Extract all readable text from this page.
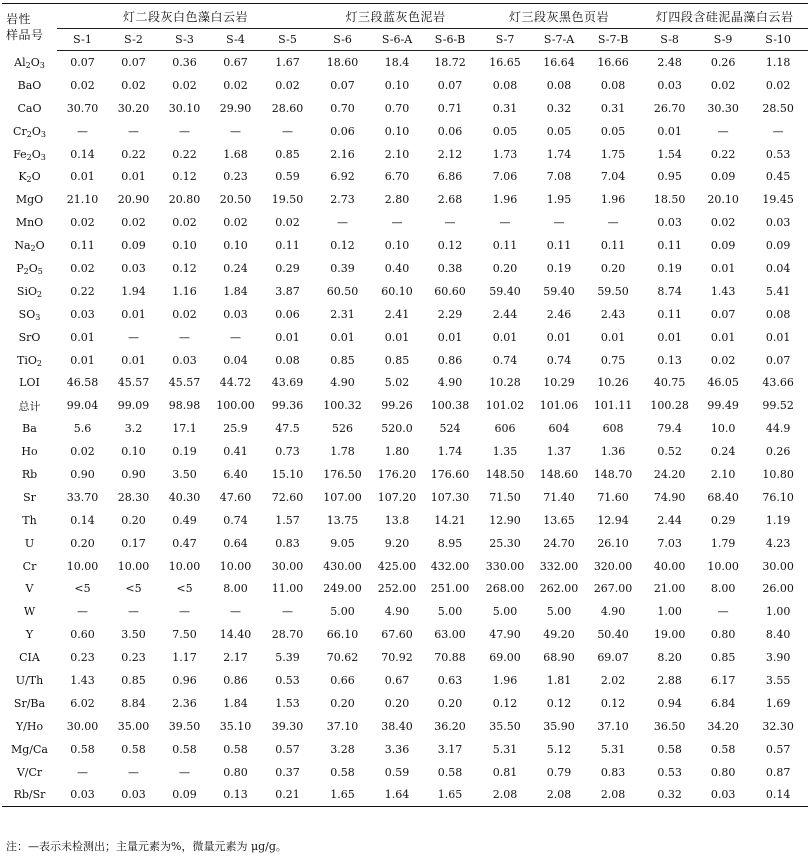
岩性
样品号	灯二段灰白色藻白云岩					灯三段蓝灰色泥岩			灯三段灰黑色页岩			灯四段含硅泥晶藻白云岩		
	S-1	S-2	S-3	S-4	S-5	S-6	S-6-A	S-6-B	S-7	S-7-A	S-7-B	S-8	S-9	S-10
$Al_2O_3$	0.07	0.07	0.36	0.67	1.67	18.60	18.4	18.72	16.65	16.64	16.66	2.48	0.26	1.18
BaO	0.02	0.02	0.02	0.02	0.02	0.07	0.10	0.07	0.08	0.08	0.08	0.03	0.02	0.02
CaO	30.70	30.20	30.10	29.90	28.60	0.70	0.70	0.71	0.31	0.32	0.31	26.70	30.30	28.50
$Cr_2O_3$	—	—	—	—	—	0.06	0.10	0.06	0.05	0.05	0.05	0.01	—	—
$Fe_2O_3$	0.14	0.22	0.22	1.68	0.85	2.16	2.10	2.12	1.73	1.74	1.75	1.54	0.22	0.53
$K_2O$	0.01	0.01	0.12	0.23	0.59	6.92	6.70	6.86	7.06	7.08	7.04	0.95	0.09	0.45
MgO	21.10	20.90	20.80	20.50	19.50	2.73	2.80	2.68	1.96	1.95	1.96	18.50	20.10	19.45
MnO	0.02	0.02	0.02	0.02	0.02	—	—	—	—	—	—	0.03	0.02	0.03
$Na_2O$	0.11	0.09	0.10	0.10	0.11	0.12	0.10	0.12	0.11	0.11	0.11	0.11	0.09	0.09
$P_2O_5$	0.02	0.03	0.12	0.24	0.29	0.39	0.40	0.38	0.20	0.19	0.20	0.19	0.01	0.04
SiO$_2$	0.22	1.94	1.16	1.84	3.87	60.50	60.10	60.60	59.40	59.40	59.50	8.74	1.43	5.41
$SO_3$	0.03	0.01	0.02	0.03	0.06	2.31	2.41	2.29	2.44	2.46	2.43	0.11	0.07	0.08
SrO	0.01	—	—	—	0.01	0.01	0.01	0.01	0.01	0.01	0.01	0.01	0.01	0.01
TiO$_2$	0.01	0.01	0.03	0.04	0.08	0.85	0.85	0.86	0.74	0.74	0.75	0.13	0.02	0.07
LOI	46.58	45.57	45.57	44.72	43.69	4.90	5.02	4.90	10.28	10.29	10.26	40.75	46.05	43.66
总计	99.04	99.09	98.98	100.00	99.36	100.32	99.26	100.38	101.02	101.06	101.11	100.28	99.49	99.52
Ba	5.6	3.2	17.1	25.9	47.5	526	520.0	524	606	604	608	79.4	10.0	44.9
Ho	0.02	0.10	0.19	0.41	0.73	1.78	1.80	1.74	1.35	1.37	1.36	0.52	0.24	0.26
Rb	0.90	0.90	3.50	6.40	15.10	176.50	176.20	176.60	148.50	148.60	148.70	24.20	2.10	10.80
Sr	33.70	28.30	40.30	47.60	72.60	107.00	107.20	107.30	71.50	71.40	71.60	74.90	68.40	76.10
Th	0.14	0.20	0.49	0.74	1.57	13.75	13.8	14.21	12.90	13.65	12.94	2.44	0.29	1.19
U	0.20	0.17	0.47	0.64	0.83	9.05	9.20	8.95	25.30	24.70	26.10	7.03	1.79	4.23
Cr	10.00	10.00	10.00	10.00	30.00	430.00	425.00	432.00	330.00	332.00	320.00	40.00	10.00	30.00
V	<5	<5	<5	8.00	11.00	249.00	252.00	251.00	268.00	262.00	267.00	21.00	8.00	26.00
W	—	—	—	—	—	5.00	4.90	5.00	5.00	5.00	4.90	1.00	—	1.00
Y	0.60	3.50	7.50	14.40	28.70	66.10	67.60	63.00	47.90	49.20	50.40	19.00	0.80	8.40
CIA	0.23	0.23	1.17	2.17	5.39	70.62	70.92	70.88	69.00	68.90	69.07	8.20	0.85	3.90
U/Th	1.43	0.85	0.96	0.86	0.53	0.66	0.67	0.63	1.96	1.81	2.02	2.88	6.17	3.55
Sr/Ba	6.02	8.84	2.36	1.84	1.53	0.20	0.20	0.20	0.12	0.12	0.12	0.94	6.84	1.69
Y/Ho	30.00	35.00	39.50	35.10	39.30	37.10	38.40	36.20	35.50	35.90	37.10	36.50	34.20	32.30
Mg/Ca	0.58	0.58	0.58	0.58	0.57	3.28	3.36	3.17	5.31	5.12	5.31	0.58	0.58	0.57
V/Cr	—	—	—	0.80	0.37	0.58	0.59	0.58	0.81	0.79	0.83	0.53	0.80	0.87
Rb/Sr	0.03	0.03	0.09	0.13	0.21	1.65	1.64	1.65	2.08	2.08	2.08	0.32	0.03	0.14
注：—表示未检测出；主量元素为%，微量元素为 μg/g。
